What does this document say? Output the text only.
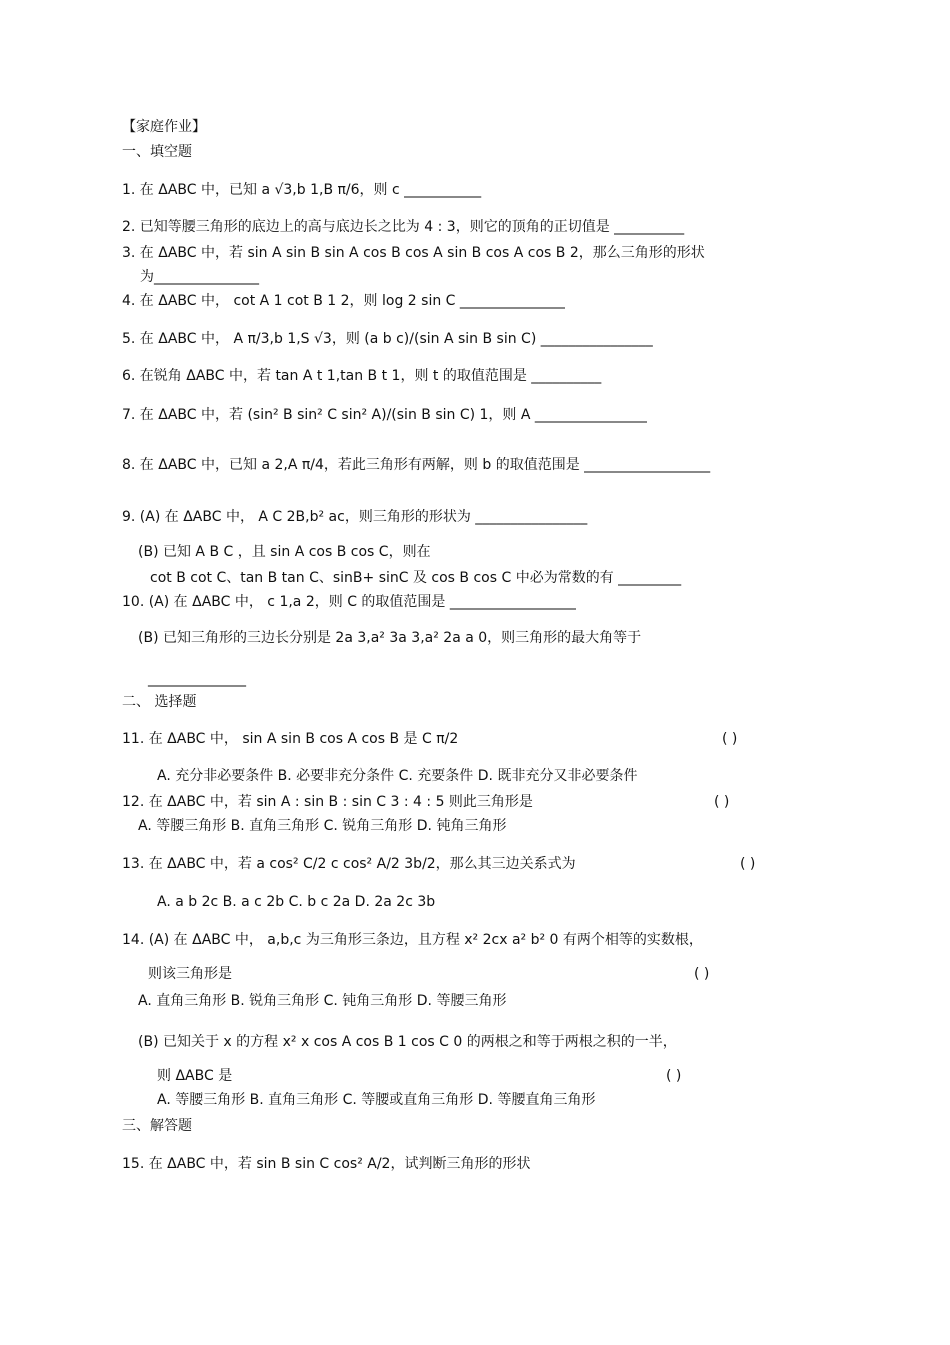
【家庭作业】
一、填空题
1. 在 ΔABC 中，已知 a √3,b 1,B π/6，则 c ___________
2. 已知等腰三角形的底边上的高与底边长之比为 4 : 3，则它的顶角的正切值是 __________
3. 在 ΔABC 中，若 sin A sin B sin A cos B cos A sin B cos A cos B 2，那么三角形的形状
为_______________
4. 在 ΔABC 中， cot A 1 cot B 1 2，则 log 2 sin C _______________
5. 在 ΔABC 中， A π/3,b 1,S √3，则 (a b c)/(sin A sin B sin C) ________________
6. 在锐角 ΔABC 中，若 tan A t 1,tan B t 1，则 t 的取值范围是 __________
7. 在 ΔABC 中，若 (sin² B sin² C sin² A)/(sin B sin C) 1，则 A ________________
8. 在 ΔABC 中，已知 a 2,A π/4，若此三角形有两解，则 b 的取值范围是 __________________
9. (A) 在 ΔABC 中， A C 2B,b² ac，则三角形的形状为 ________________
(B) 已知 A B C ，且 sin A cos B cos C，则在
cot B cot C、tan B tan C、sinB+ sinC 及 cos B cos C 中必为常数的有 _________
10. (A) 在 ΔABC 中， c 1,a 2，则 C 的取值范围是 __________________
(B) 已知三角形的三边长分别是 2a 3,a² 3a 3,a² 2a a 0，则三角形的最大角等于
______________
二、 选择题
11. 在 ΔABC 中， sin A sin B cos A cos B 是 C π/2	( )
A. 充分非必要条件 B. 必要非充分条件 C. 充要条件 D. 既非充分又非必要条件
12. 在 ΔABC 中，若 sin A : sin B : sin C 3 : 4 : 5 则此三角形是	( )
A. 等腰三角形 B. 直角三角形 C. 锐角三角形 D. 钝角三角形
13. 在 ΔABC 中，若 a cos² C/2 c cos² A/2 3b/2，那么其三边关系式为	( )
A. a b 2c B. a c 2b C. b c 2a D. 2a 2c 3b
14. (A) 在 ΔABC 中， a,b,c 为三角形三条边，且方程 x² 2cx a² b² 0 有两个相等的实数根，
则该三角形是	( )
A. 直角三角形 B. 锐角三角形 C. 钝角三角形 D. 等腰三角形
(B) 已知关于 x 的方程 x² x cos A cos B 1 cos C 0 的两根之和等于两根之积的一半，
则 ΔABC 是	( )
A. 等腰三角形 B. 直角三角形 C. 等腰或直角三角形 D. 等腰直角三角形
三、解答题
15. 在 ΔABC 中，若 sin B sin C cos² A/2，试判断三角形的形状
